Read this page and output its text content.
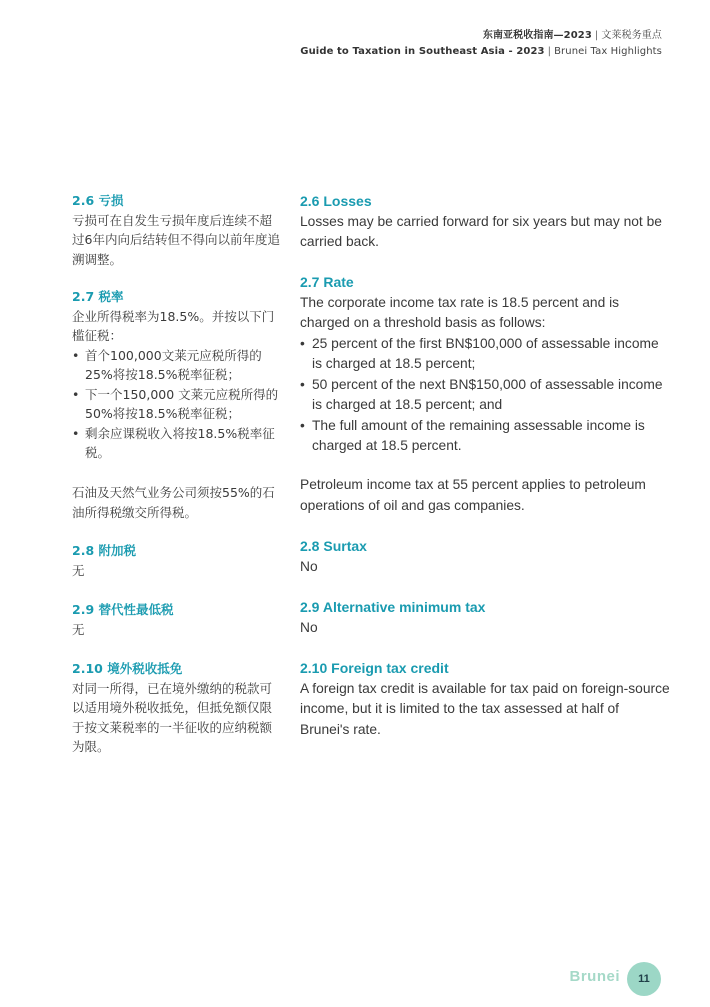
东南亚税收指南—2023 | 文莱税务重点
Guide to Taxation in Southeast Asia - 2023 | Brunei Tax Highlights
2.6 亏损
亏损可在自发生亏损年度后连续不超过6年内向后结转但不得向以前年度追溯调整。
2.7 税率
企业所得税率为18.5%。并按以下门槛征税：
• 首个100,000文莱元应税所得的25%将按18.5%税率征税；
• 下一个150,000 文莱元应税所得的50%将按18.5%税率征税；
• 剩余应课税收入将按18.5%税率征税。
石油及天然气业务公司须按55%的石油所得税缴交所得税。
2.8 附加税
无
2.9 替代性最低税
无
2.10 境外税收抵免
对同一所得，已在境外缴纳的税款可以适用境外税收抵免，但抵免额仅限于按文莱税率的一半征收的应纳税额为限。
2.6 Losses
Losses may be carried forward for six years but may not be carried back.
2.7 Rate
The corporate income tax rate is 18.5 percent and is charged on a threshold basis as follows:
• 25 percent of the first BN$100,000 of assessable income is charged at 18.5 percent;
• 50 percent of the next BN$150,000 of assessable income is charged at 18.5 percent; and
• The full amount of the remaining assessable income is charged at 18.5 percent.
Petroleum income tax at 55 percent applies to petroleum operations of oil and gas companies.
2.8 Surtax
No
2.9 Alternative minimum tax
No
2.10 Foreign tax credit
A foreign tax credit is available for tax paid on foreign-source income, but it is limited to the tax assessed at half of Brunei's rate.
Brunei 11
